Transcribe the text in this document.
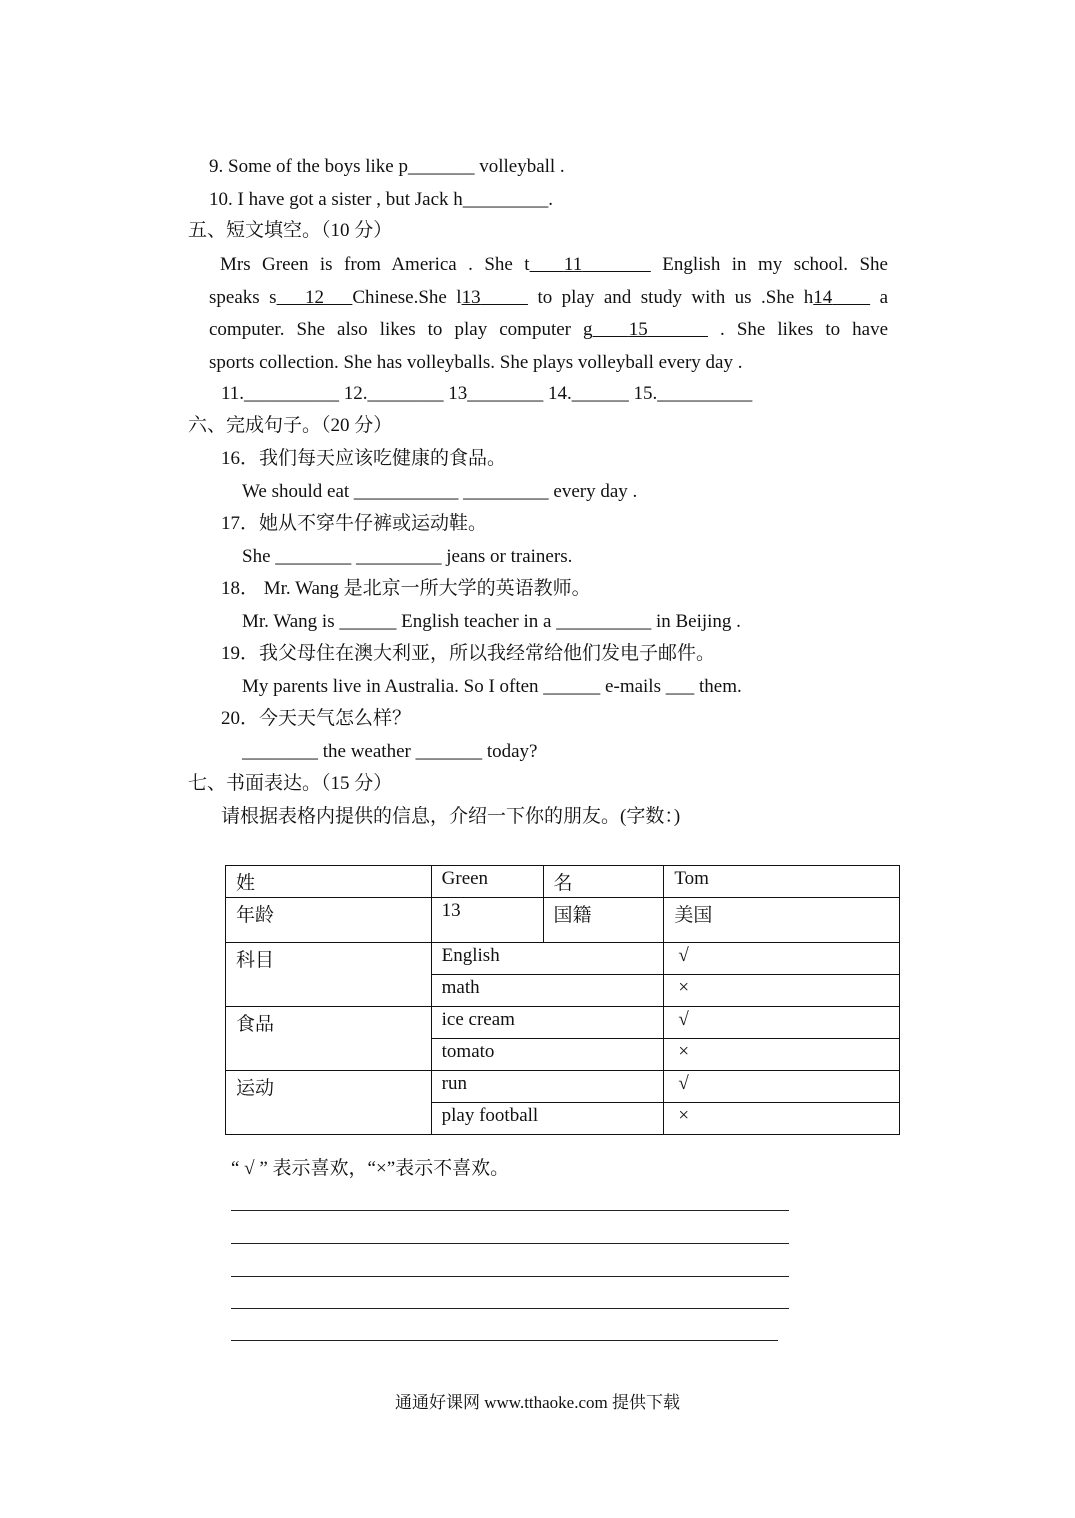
9. Some of the boys like p_______ volleyball .
10. I have got a sister , but Jack h_________.
五、短文填空。（10 分）
Mrs Green is from America . She t 11	English in my school. She
speaks s 12 Chinese.She l13	to play and study with us .She h14 a
computer. She also likes to play computer g 15	. She likes to have
sports collection. She has volleyballs. She plays volleyball every day .
11.__________ 12.________ 13________ 14.______ 15.__________
六、完成句子。（20 分）
16．我们每天应该吃健康的食品。
We should eat ___________ _________ every day .
17．她从不穿牛仔裤或运动鞋。
She ________ _________ jeans or trainers.
18． Mr. Wang 是北京一所大学的英语教师。
Mr. Wang is ______ English teacher in a __________ in Beijing .
19．我父母住在澳大利亚，所以我经常给他们发电子邮件。
My parents live in Australia. So I often ______ e-mails ___ them.
20．今天天气怎么样？
________ the weather _______ today?
七、书面表达。（15 分）
请根据表格内提供的信息，介绍一下你的朋友。(字数：)
姓	Green	名	Tom
年龄	13	国籍	美国
科目	English		√
	math		×
食品	ice cream		√
	tomato		×
运动	run		√
	play football		×
“ √ ” 表示喜欢，“×”表示不喜欢。
通通好课网 www.tthaoke.com 提供下载
